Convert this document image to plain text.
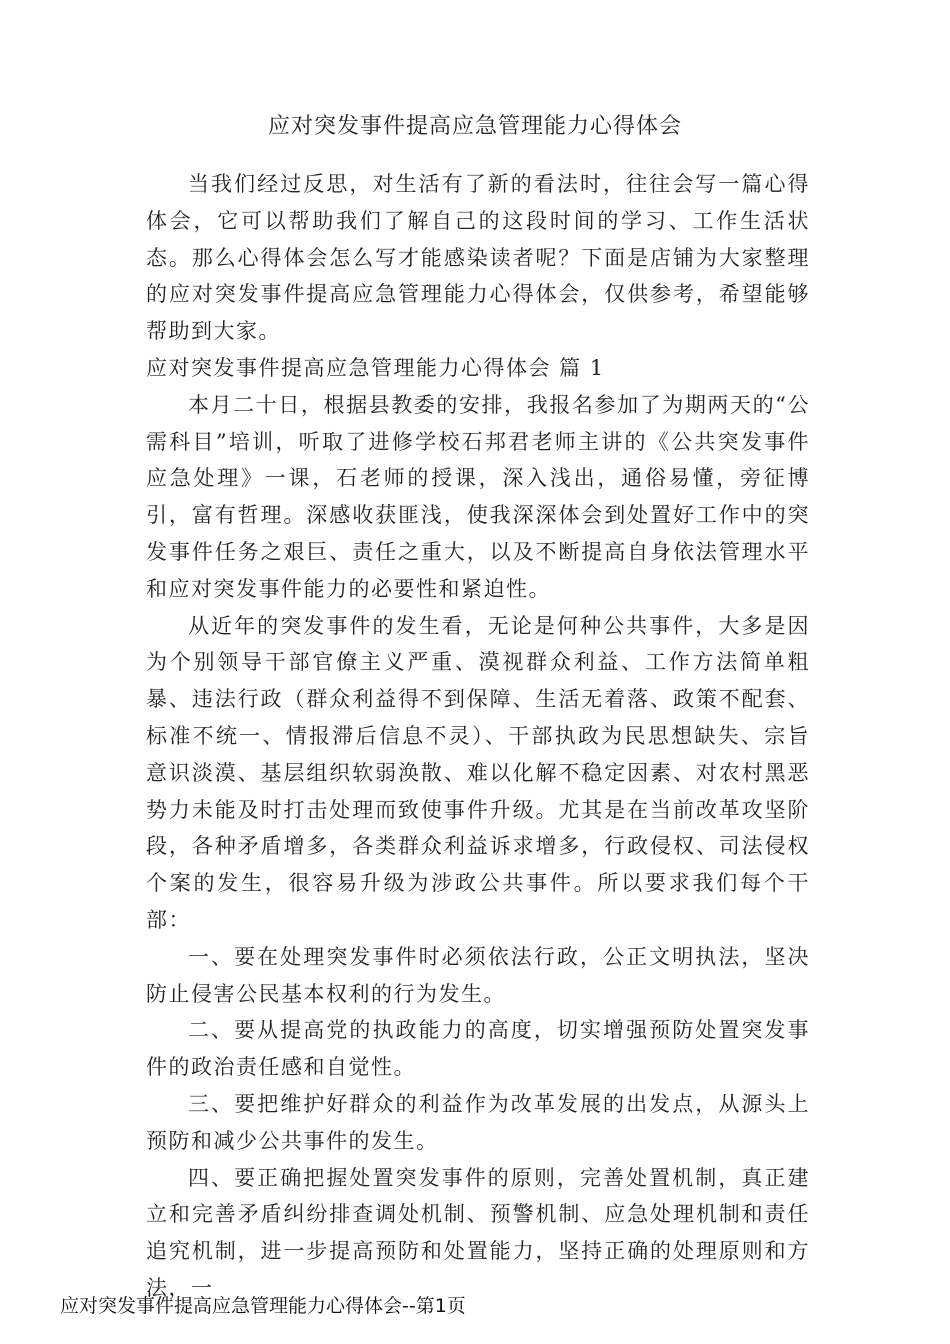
应对突发事件提高应急管理能力心得体会

当我们经过反思，对生活有了新的看法时，往往会写一篇心得体会，它可以帮助我们了解自己的这段时间的学习、工作生活状态。那么心得体会怎么写才能感染读者呢？下面是店铺为大家整理的应对突发事件提高应急管理能力心得体会，仅供参考，希望能够帮助到大家。

应对突发事件提高应急管理能力心得体会 篇 1

本月二十日，根据县教委的安排，我报名参加了为期两天的“公需科目”培训，听取了进修学校石邦君老师主讲的《公共突发事件应急处理》一课，石老师的授课，深入浅出，通俗易懂，旁征博引，富有哲理。深感收获匪浅，使我深深体会到处置好工作中的突发事件任务之艰巨、责任之重大，以及不断提高自身依法管理水平和应对突发事件能力的必要性和紧迫性。

从近年的突发事件的发生看，无论是何种公共事件，大多是因为个别领导干部官僚主义严重、漠视群众利益、工作方法简单粗暴、违法行政（群众利益得不到保障、生活无着落、政策不配套、标准不统一、情报滞后信息不灵）、干部执政为民思想缺失、宗旨意识淡漠、基层组织软弱涣散、难以化解不稳定因素、对农村黑恶势力未能及时打击处理而致使事件升级。尤其是在当前改革攻坚阶段，各种矛盾增多，各类群众利益诉求增多，行政侵权、司法侵权个案的发生，很容易升级为涉政公共事件。所以要求我们每个干部：

一、要在处理突发事件时必须依法行政，公正文明执法，坚决防止侵害公民基本权利的行为发生。

二、要从提高党的执政能力的高度，切实增强预防处置突发事件的政治责任感和自觉性。

三、要把维护好群众的利益作为改革发展的出发点，从源头上预防和减少公共事件的发生。

四、要正确把握处置突发事件的原则，完善处置机制，真正建立和完善矛盾纠纷排查调处机制、预警机制、应急处理机制和责任追究机制，进一步提高预防和处置能力，坚持正确的处理原则和方法，一

应对突发事件提高应急管理能力心得体会--第1页
